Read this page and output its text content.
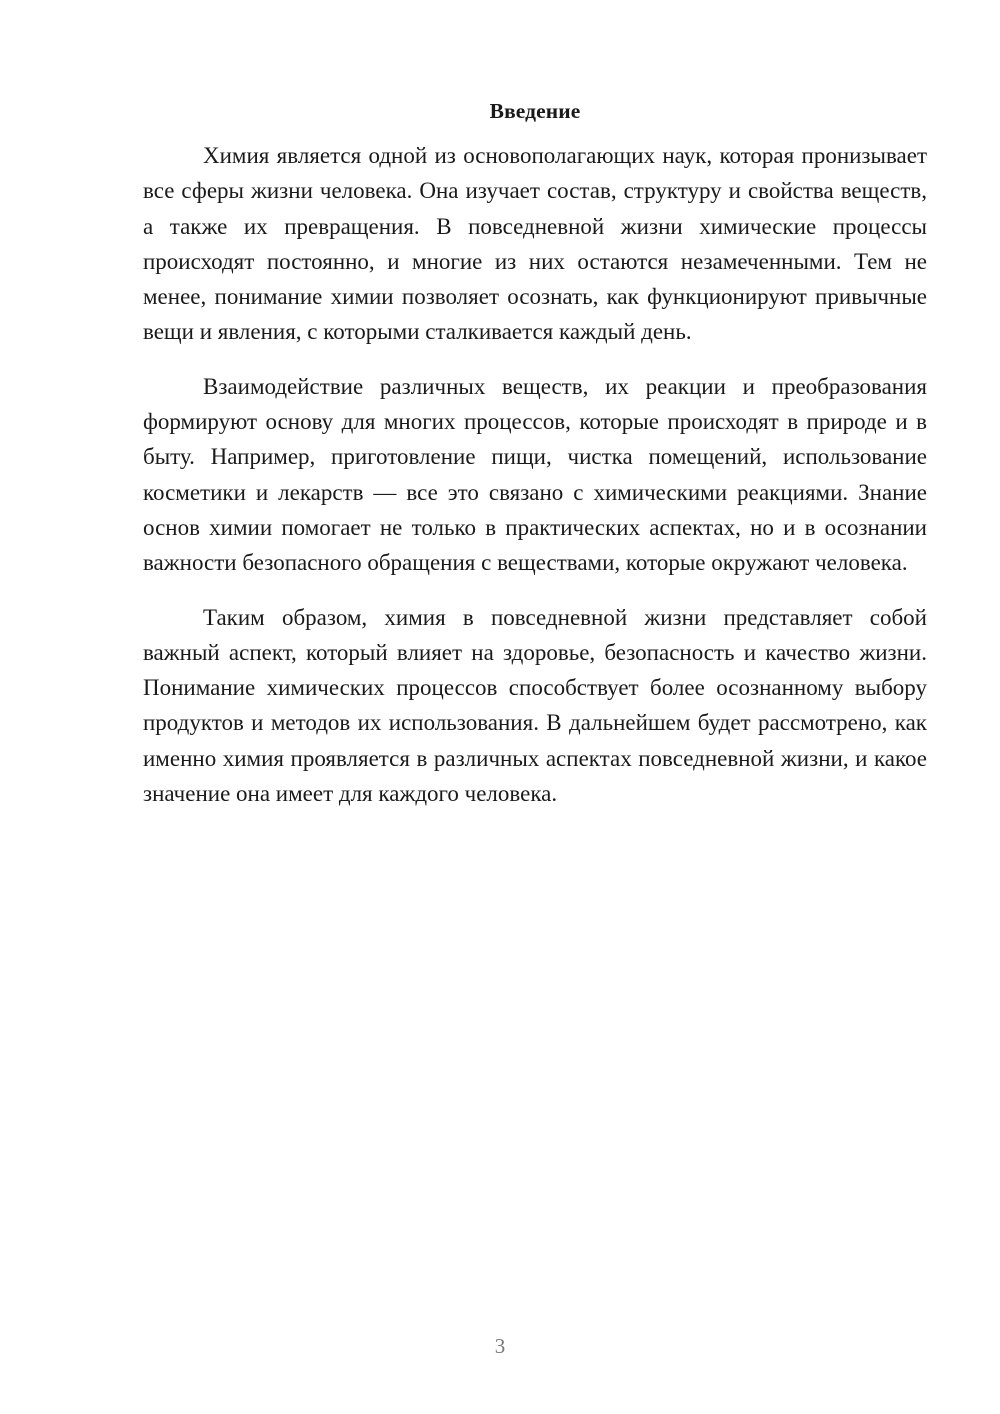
Введение

Химия является одной из основополагающих наук, которая пронизывает все сферы жизни человека. Она изучает состав, структуру и свойства веществ, а также их превращения. В повседневной жизни химические процессы происходят постоянно, и многие из них остаются незамеченными. Тем не менее, понимание химии позволяет осознать, как функционируют привычные вещи и явления, с которыми сталкивается каждый день.

Взаимодействие различных веществ, их реакции и преобразования формируют основу для многих процессов, которые происходят в природе и в быту. Например, приготовление пищи, чистка помещений, использование косметики и лекарств — все это связано с химическими реакциями. Знание основ химии помогает не только в практических аспектах, но и в осознании важности безопасного обращения с веществами, которые окружают человека.

Таким образом, химия в повседневной жизни представляет собой важный аспект, который влияет на здоровье, безопасность и качество жизни. Понимание химических процессов способствует более осознанному выбору продуктов и методов их использования. В дальнейшем будет рассмотрено, как именно химия проявляется в различных аспектах повседневной жизни, и какое значение она имеет для каждого человека.

3
